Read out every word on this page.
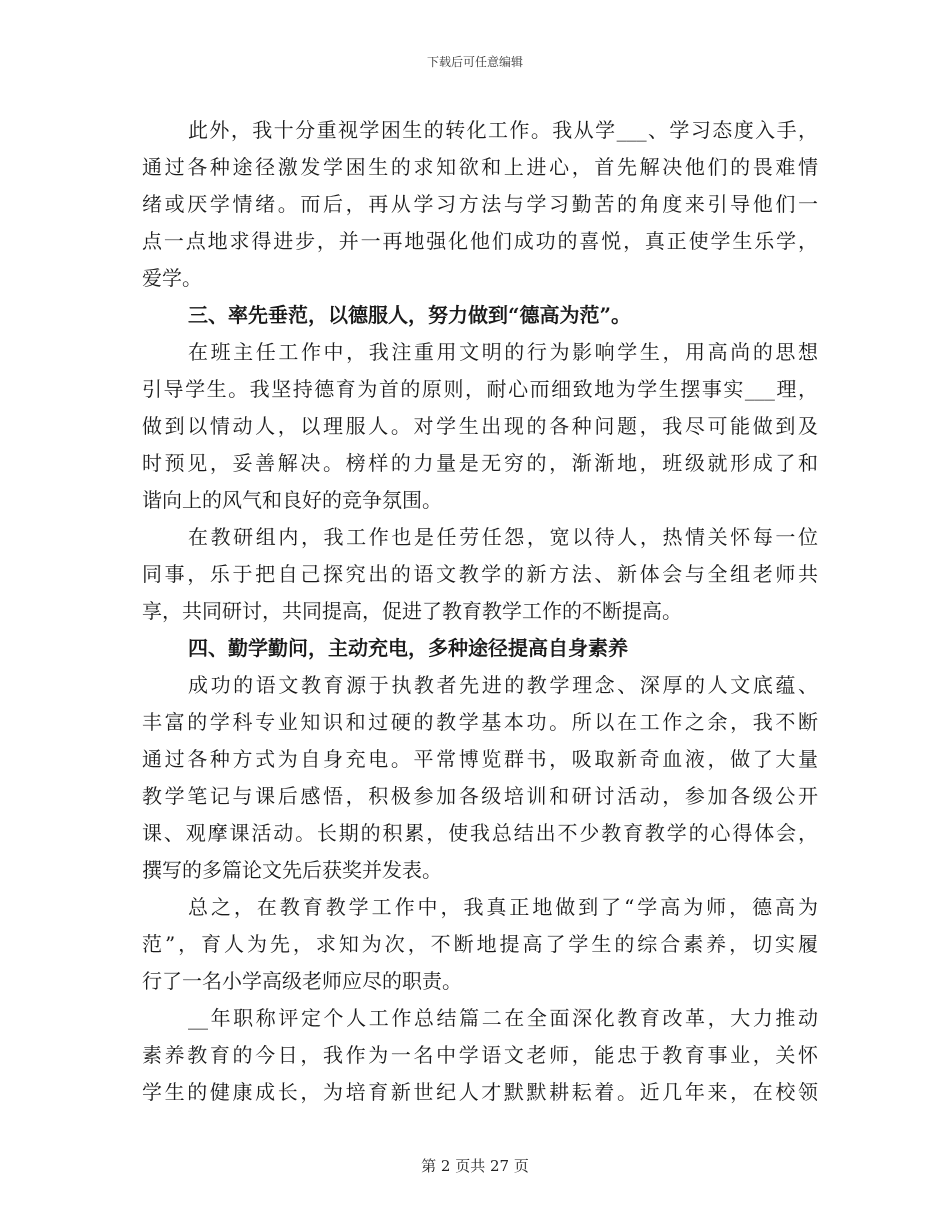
下载后可任意编辑
此外，我十分重视学困生的转化工作。我从学___、学习态度入手，
通过各种途径激发学困生的求知欲和上进心，首先解决他们的畏难情
绪或厌学情绪。而后，再从学习方法与学习勤苦的角度来引导他们一
点一点地求得进步，并一再地强化他们成功的喜悦，真正使学生乐学，
爱学。
三、率先垂范，以德服人，努力做到“德高为范”。
在班主任工作中，我注重用文明的行为影响学生，用高尚的思想
引导学生。我坚持德育为首的原则，耐心而细致地为学生摆事实___理，
做到以情动人，以理服人。对学生出现的各种问题，我尽可能做到及
时预见，妥善解决。榜样的力量是无穷的，渐渐地，班级就形成了和
谐向上的风气和良好的竞争氛围。
在教研组内，我工作也是任劳任怨，宽以待人，热情关怀每一位
同事，乐于把自己探究出的语文教学的新方法、新体会与全组老师共
享，共同研讨，共同提高，促进了教育教学工作的不断提高。
四、勤学勤问，主动充电，多种途径提高自身素养
成功的语文教育源于执教者先进的教学理念、深厚的人文底蕴、
丰富的学科专业知识和过硬的教学基本功。所以在工作之余，我不断
通过各种方式为自身充电。平常博览群书，吸取新奇血液，做了大量
教学笔记与课后感悟，积极参加各级培训和研讨活动，参加各级公开
课、观摩课活动。长期的积累，使我总结出不少教育教学的心得体会，
撰写的多篇论文先后获奖并发表。
总之，在教育教学工作中，我真正地做到了“学高为师，德高为
范”，育人为先，求知为次，不断地提高了学生的综合素养，切实履
行了一名小学高级老师应尽的职责。
__年职称评定个人工作总结篇二在全面深化教育改革，大力推动
素养教育的今日，我作为一名中学语文老师，能忠于教育事业，关怀
学生的健康成长，为培育新世纪人才默默耕耘着。近几年来，在校领
第 2 页共 27 页
